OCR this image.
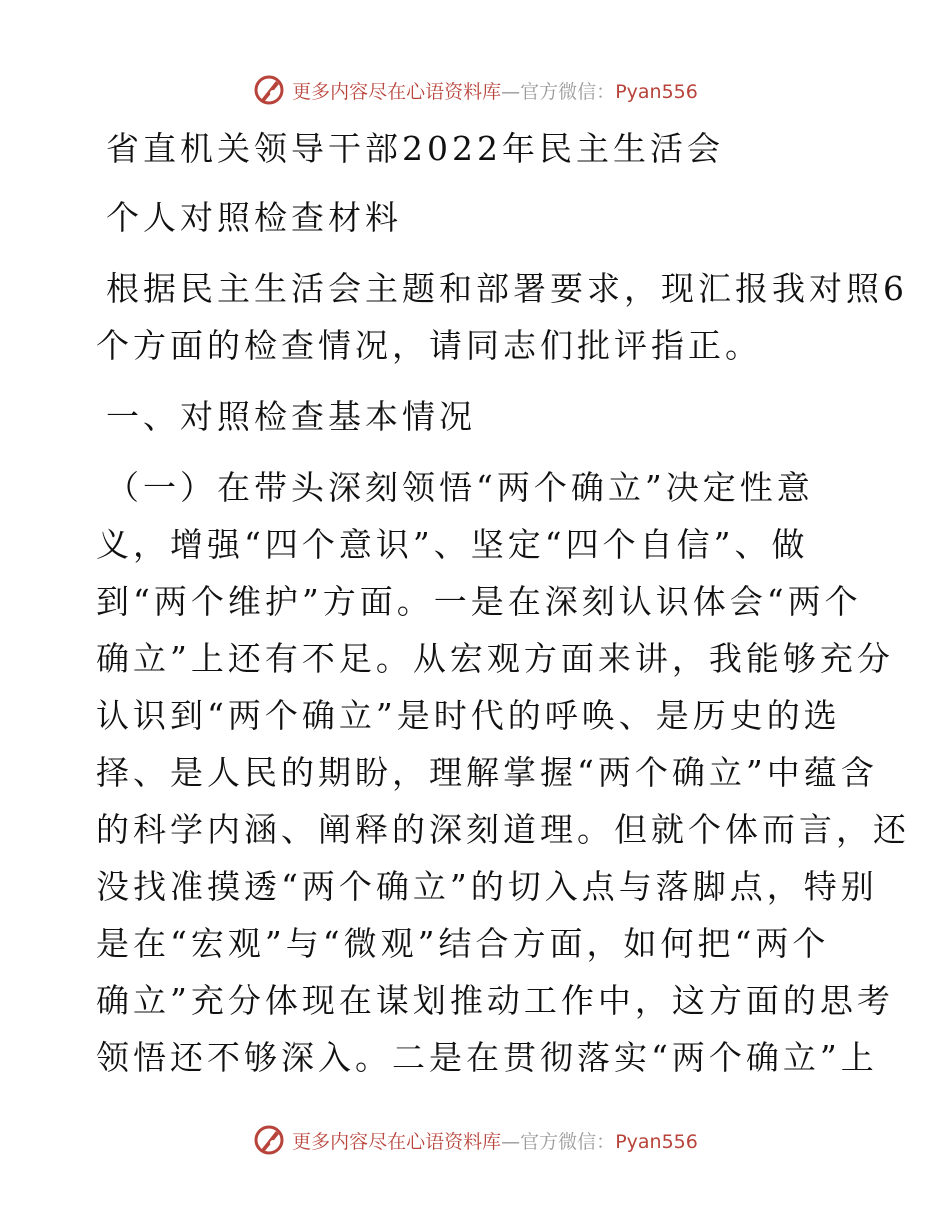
更多内容尽在心语资料库—官方微信：Pyan556
省直机关领导干部2022年民主生活会
个人对照检查材料
根据民主生活会主题和部署要求，现汇报我对照6
个方面的检查情况，请同志们批评指正。
一、对照检查基本情况
（一）在带头深刻领悟“两个确立”决定性意
义，增强“四个意识”、坚定“四个自信”、做
到“两个维护”方面。一是在深刻认识体会“两个
确立”上还有不足。从宏观方面来讲，我能够充分
认识到“两个确立”是时代的呼唤、是历史的选
择、是人民的期盼，理解掌握“两个确立”中蕴含
的科学内涵、阐释的深刻道理。但就个体而言，还
没找准摸透“两个确立”的切入点与落脚点，特别
是在“宏观”与“微观”结合方面，如何把“两个
确立”充分体现在谋划推动工作中，这方面的思考
领悟还不够深入。二是在贯彻落实“两个确立”上
更多内容尽在心语资料库—官方微信：Pyan556
